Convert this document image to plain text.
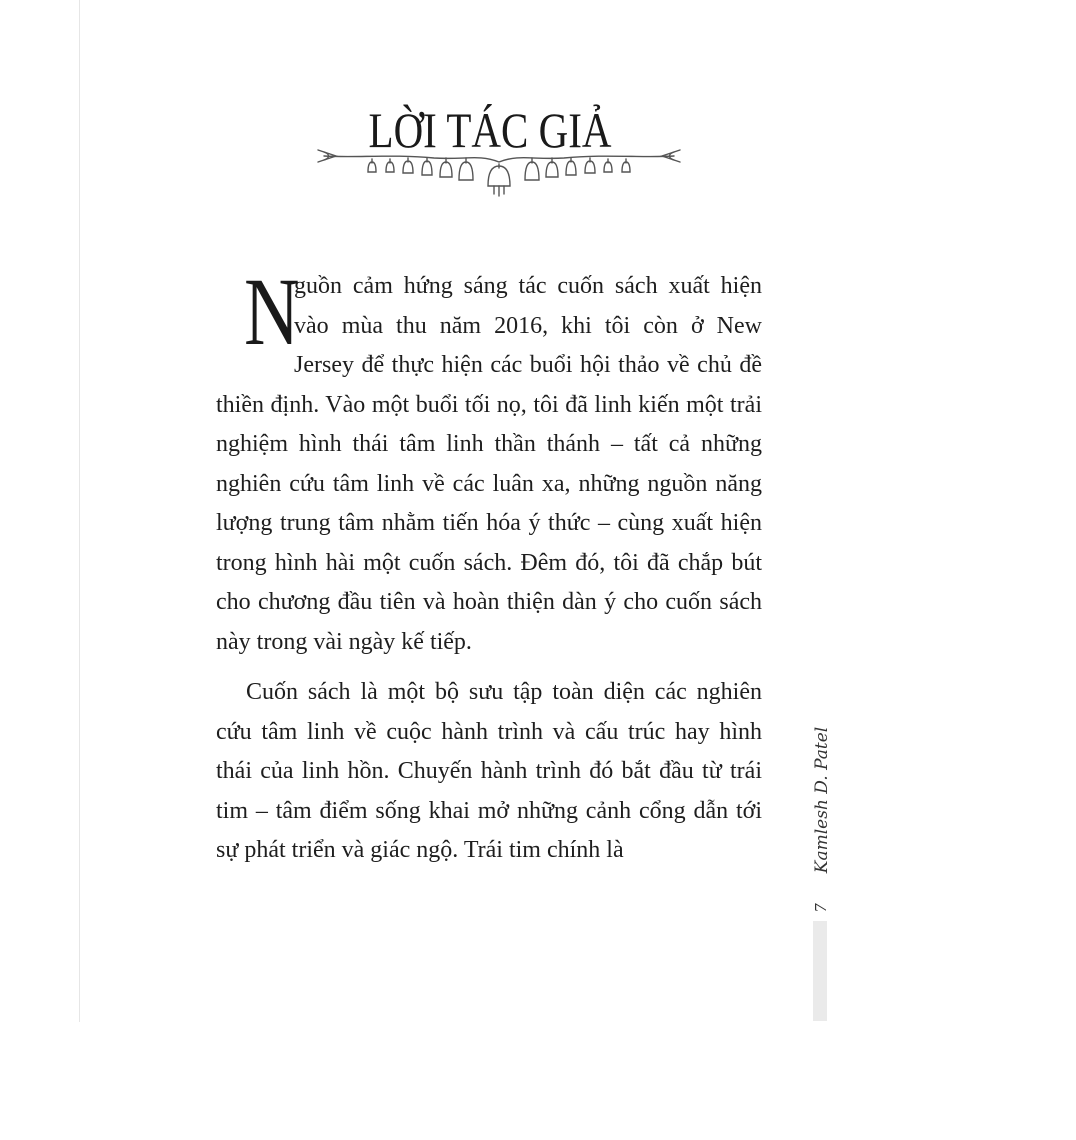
LỜI TÁC GIẢ

N
guồn cảm hứng sáng tác cuốn sách xuất hiện vào mùa thu năm 2016, khi tôi còn ở New Jersey để thực hiện các buổi hội thảo về chủ đề thiền định. Vào một buổi tối nọ, tôi đã linh kiến một trải nghiệm hình thái tâm linh thần thánh – tất cả những nghiên cứu tâm linh về các luân xa, những nguồn năng lượng trung tâm nhằm tiến hóa ý thức – cùng xuất hiện trong hình hài một cuốn sách. Đêm đó, tôi đã chắp bút cho chương đầu tiên và hoàn thiện dàn ý cho cuốn sách này trong vài ngày kế tiếp.

Cuốn sách là một bộ sưu tập toàn diện các nghiên cứu tâm linh về cuộc hành trình và cấu trúc hay hình thái của linh hồn. Chuyến hành trình đó bắt đầu từ trái tim – tâm điểm sống khai mở những cảnh cổng dẫn tới sự phát triển và giác ngộ. Trái tim chính là	Kamlesh D. Patel
7
